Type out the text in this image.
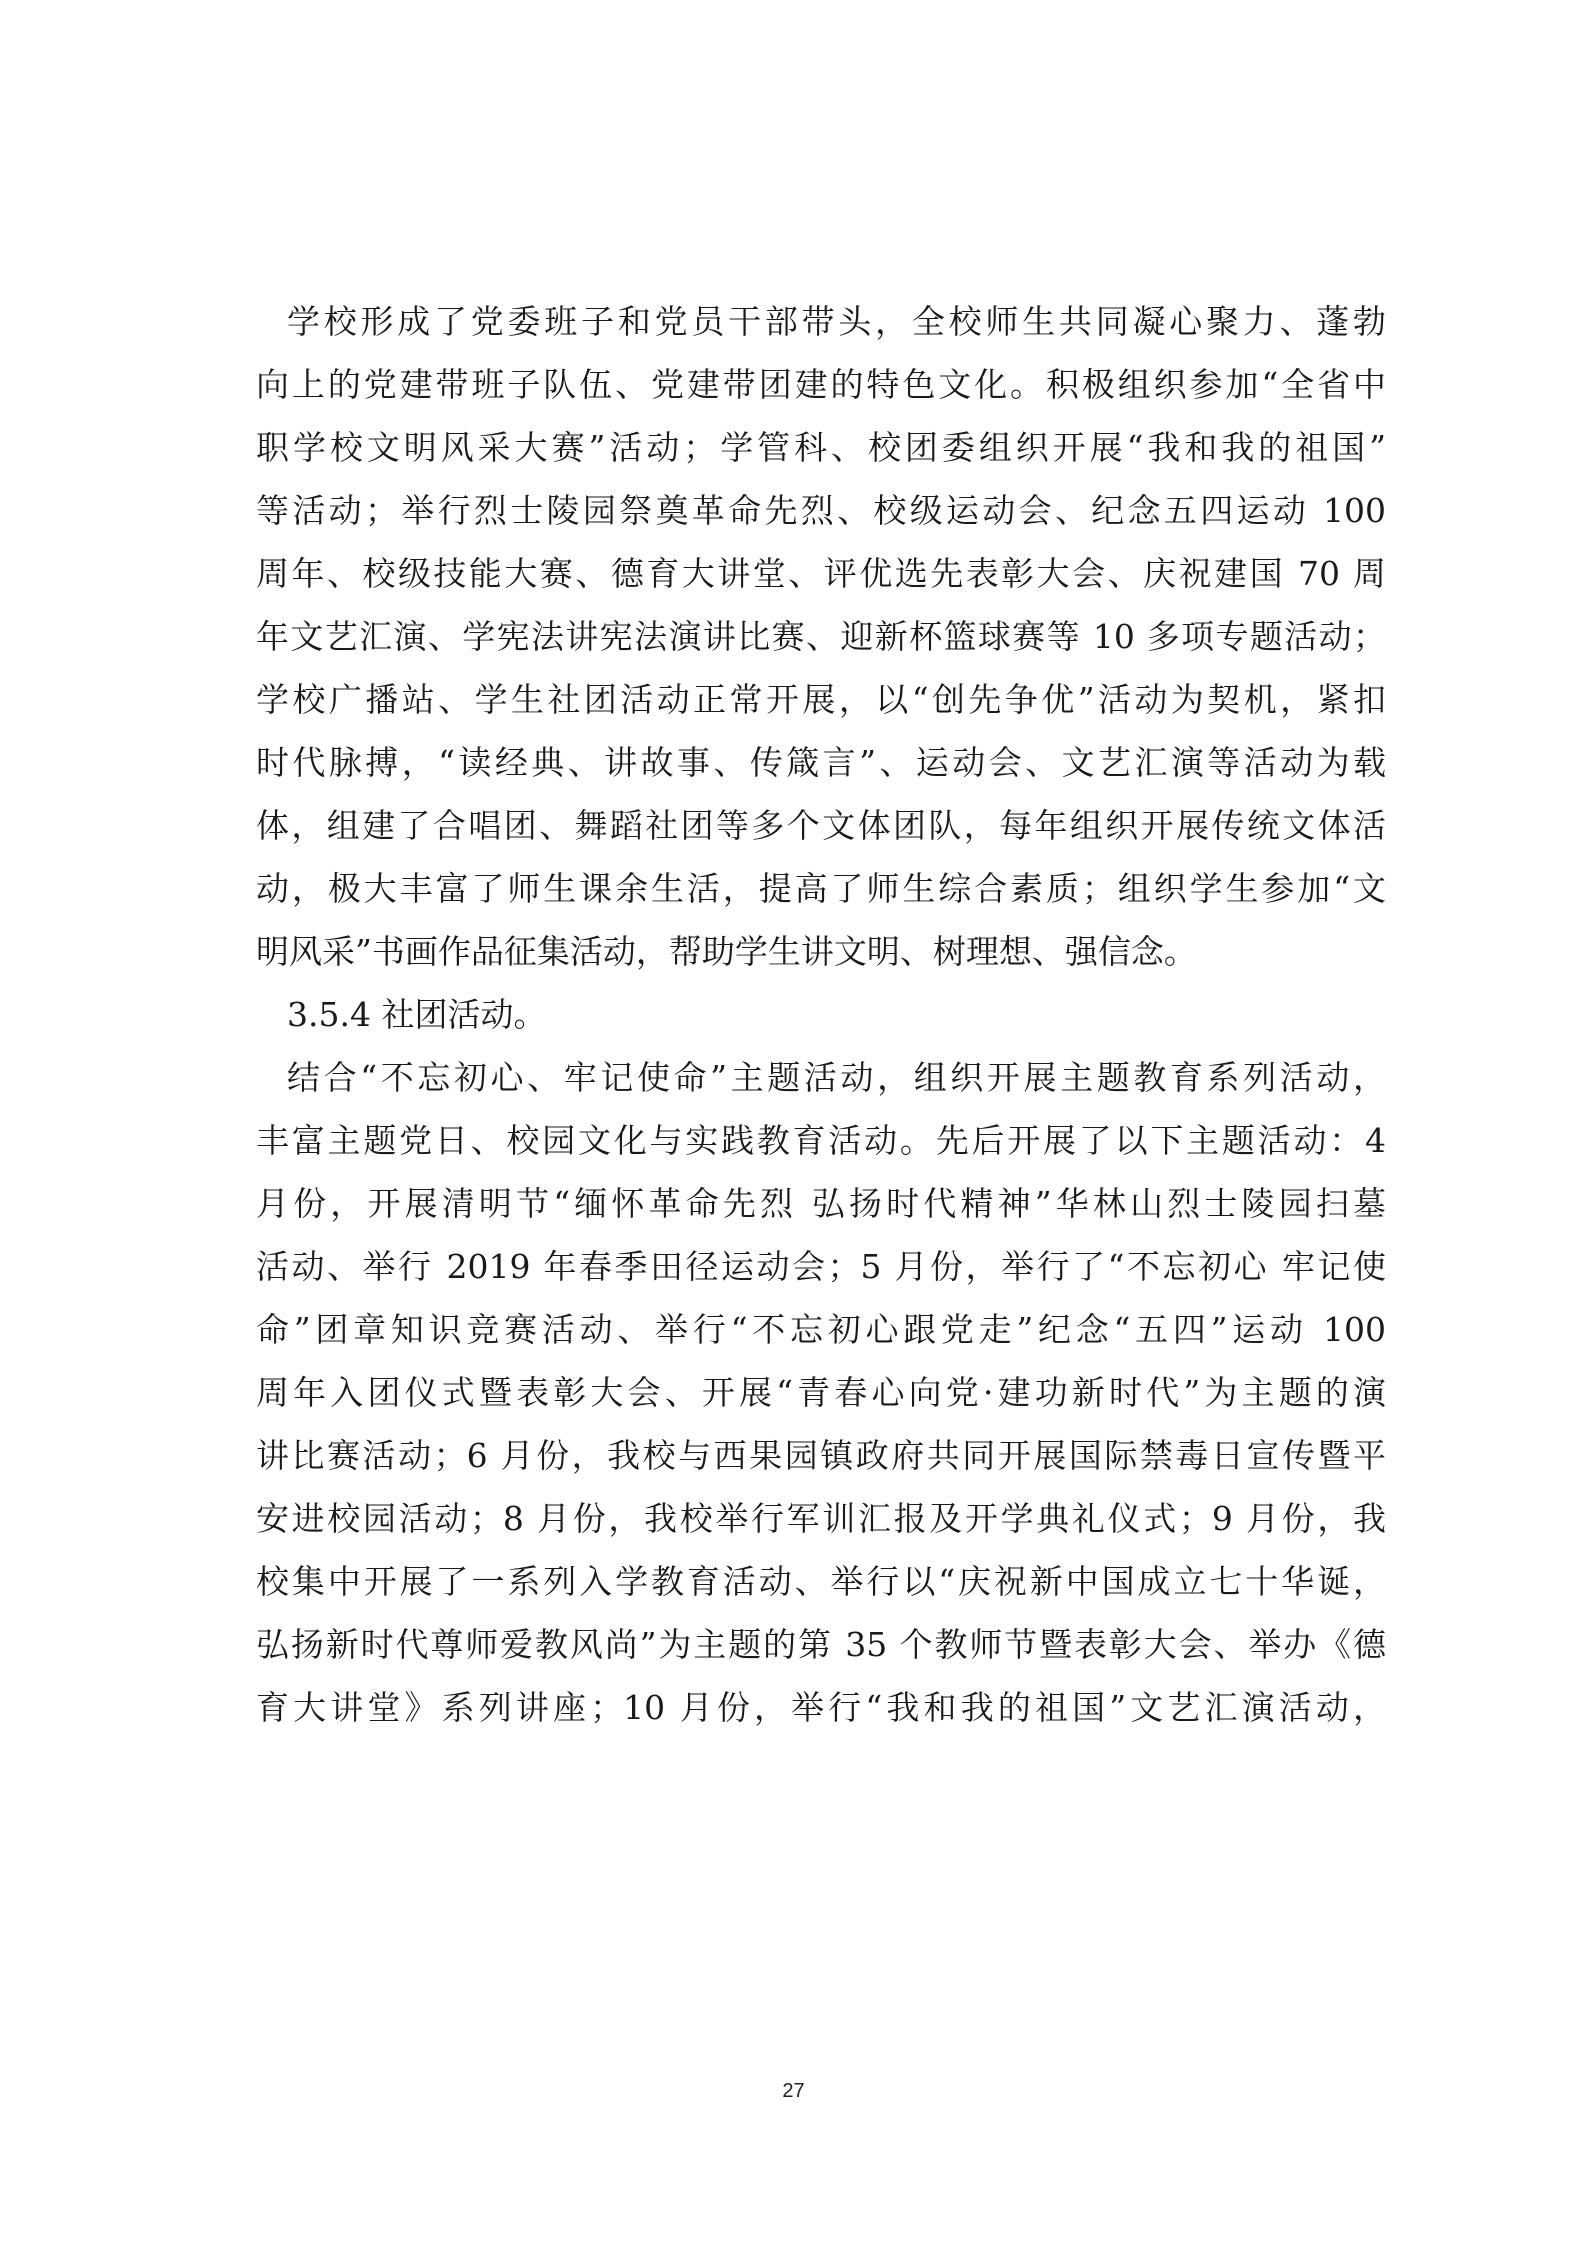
学校形成了党委班子和党员干部带头，全校师生共同凝心聚力、蓬勃
向上的党建带班子队伍、党建带团建的特色文化。积极组织参加“全省中
职学校文明风采大赛”活动；学管科、校团委组织开展“我和我的祖国”
等活动；举行烈士陵园祭奠革命先烈、校级运动会、纪念五四运动 100
周年、校级技能大赛、德育大讲堂、评优选先表彰大会、庆祝建国 70 周
年文艺汇演、学宪法讲宪法演讲比赛、迎新杯篮球赛等 10 多项专题活动；
学校广播站、学生社团活动正常开展，以“创先争优”活动为契机，紧扣
时代脉搏，“读经典、讲故事、传箴言”、运动会、文艺汇演等活动为载
体，组建了合唱团、舞蹈社团等多个文体团队，每年组织开展传统文体活
动，极大丰富了师生课余生活，提高了师生综合素质；组织学生参加“文
明风采”书画作品征集活动，帮助学生讲文明、树理想、强信念。
3.5.4 社团活动。
结合“不忘初心、牢记使命”主题活动，组织开展主题教育系列活动，
丰富主题党日、校园文化与实践教育活动。先后开展了以下主题活动：4
月份，开展清明节“缅怀革命先烈 弘扬时代精神”华林山烈士陵园扫墓
活动、举行 2019 年春季田径运动会；5 月份，举行了“不忘初心 牢记使
命”团章知识竞赛活动、举行“不忘初心跟党走”纪念“五四”运动 100
周年入团仪式暨表彰大会、开展“青春心向党·建功新时代”为主题的演
讲比赛活动；6 月份，我校与西果园镇政府共同开展国际禁毒日宣传暨平
安进校园活动；8 月份，我校举行军训汇报及开学典礼仪式；9 月份，我
校集中开展了一系列入学教育活动、举行以“庆祝新中国成立七十华诞，
弘扬新时代尊师爱教风尚”为主题的第 35 个教师节暨表彰大会、举办《德
育大讲堂》系列讲座；10 月份，举行“我和我的祖国”文艺汇演活动，
27
